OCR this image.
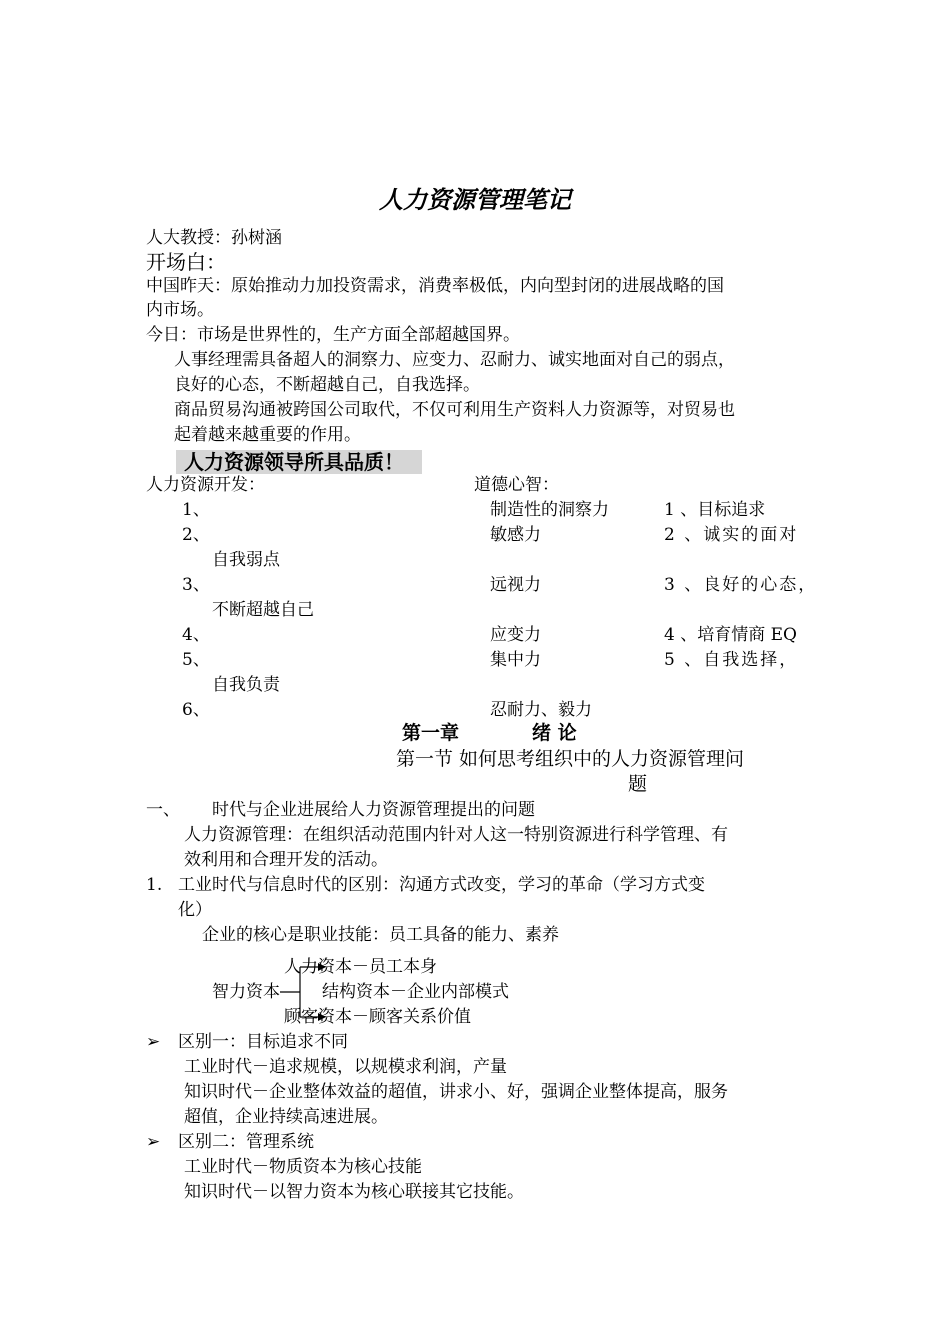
人力资源管理笔记
人大教授：孙树涵
开场白：
中国昨天：原始推动力加投资需求，消费率极低，内向型封闭的进展战略的国
内市场。
今日：市场是世界性的，生产方面全部超越国界。
人事经理需具备超人的洞察力、应变力、忍耐力、诚实地面对自己的弱点，
良好的心态，不断超越自己，自我选择。
商品贸易沟通被跨国公司取代，不仅可利用生产资料人力资源等，对贸易也
起着越来越重要的作用。
人力资源领导所具品质！
人力资源开发：	道德心智：
1、	制造性的洞察力	1 、目标追求
2、	敏感力	2 、诚实的面对
自我弱点
3、	远视力	3 、良好的心态，
不断超越自己
4、	应变力	4 、培育情商 EQ
5、	集中力	5 、自我选择，
自我负责
6、	忍耐力、毅力
第一章	绪 论
第一节 如何思考组织中的人力资源管理问
题
一、 时代与企业进展给人力资源管理提出的问题
人力资源管理：在组织活动范围内针对人这一特别资源进行科学管理、有
效利用和合理开发的活动。
1. 工业时代与信息时代的区别：沟通方式改变，学习的革命（学习方式变
化）
企业的核心是职业技能：员工具备的能力、素养
智力资本
人力资本－员工本身
结构资本－企业内部模式
顾客资本－顾客关系价值
➢ 区别一：目标追求不同
工业时代－追求规模，以规模求利润，产量
知识时代－企业整体效益的超值，讲求小、好，强调企业整体提高，服务
超值，企业持续高速进展。
➢ 区别二：管理系统
工业时代－物质资本为核心技能
知识时代－以智力资本为核心联接其它技能。
